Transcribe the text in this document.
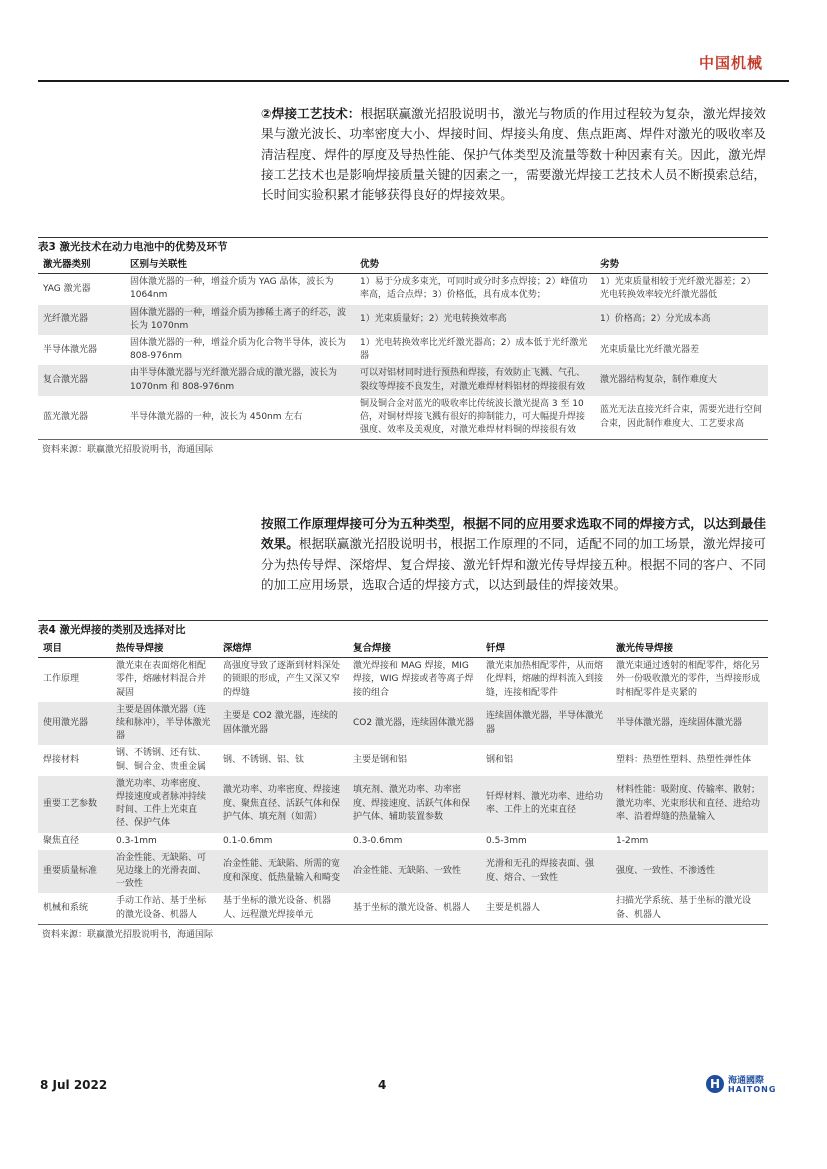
中国机械
②焊接工艺技术：根据联赢激光招股说明书，激光与物质的作用过程较为复杂，激光焊接效果与激光波长、功率密度大小、焊接时间、焊接头角度、焦点距离、焊件对激光的吸收率及清洁程度、焊件的厚度及导热性能、保护气体类型及流量等数十种因素有关。因此，激光焊接工艺技术也是影响焊接质量关键的因素之一，需要激光焊接工艺技术人员不断摸索总结，长时间实验积累才能够获得良好的焊接效果。
表3 激光技术在动力电池中的优势及环节
激光器类别	区别与关联性	优势	劣势
YAG 激光器	固体激光器的一种，增益介质为 YAG 晶体，波长为 1064nm	1）易于分成多束光，可同时或分时多点焊接；2）峰值功率高，适合点焊；3）价格低，具有成本优势；	1）光束质量相较于光纤激光器差；2）光电转换效率较光纤激光器低
光纤激光器	固体激光器的一种，增益介质为掺稀土离子的纤芯，波长为 1070nm	1）光束质量好；2）光电转换效率高	1）价格高；2）分光成本高
半导体激光器	固体激光器的一种，增益介质为化合物半导体，波长为 808-976nm	1）光电转换效率比光纤激光器高；2）成本低于光纤激光器	光束质量比光纤激光器差
复合激光器	由半导体激光器与光纤激光器合成的激光器，波长为 1070nm 和 808-976nm	可以对铝材同时进行预热和焊接，有效防止飞溅、气孔、裂纹等焊接不良发生，对激光难焊材料铝材的焊接很有效	激光器结构复杂，制作难度大
蓝光激光器	半导体激光器的一种，波长为 450nm 左右	铜及铜合金对蓝光的吸收率比传统波长激光提高 3 至 10 倍，对铜材焊接飞溅有很好的抑制能力，可大幅提升焊接强度、效率及美观度，对激光难焊材料铜的焊接很有效	蓝光无法直接光纤合束，需要光进行空间合束，因此制作难度大、工艺要求高
资料来源：联赢激光招股说明书，海通国际
按照工作原理焊接可分为五种类型，根据不同的应用要求选取不同的焊接方式，以达到最佳效果。根据联赢激光招股说明书，根据工作原理的不同，适配不同的加工场景，激光焊接可分为热传导焊、深熔焊、复合焊接、激光钎焊和激光传导焊接五种。根据不同的客户、不同的加工应用场景，选取合适的焊接方式，以达到最佳的焊接效果。
表4 激光焊接的类别及选择对比
项目	热传导焊接	深熔焊	复合焊接	钎焊	激光传导焊接
工作原理	激光束在表面熔化相配零件，熔融材料混合并凝固	高强度导致了逐渐到材料深处的锁眼的形成，产生又深又窄的焊缝	激光焊接和 MAG 焊接，MIG 焊接，WIG 焊接或者等离子焊接的组合	激光束加热相配零件，从而熔化焊料，熔融的焊料流入到接缝，连接相配零件	激光束通过透射的相配零件，熔化另外一份吸收激光的零件，当焊接形成时相配零件是夹紧的
使用激光器	主要是固体激光器（连续和脉冲），半导体激光器	主要是 CO2 激光器，连续的固体激光器	CO2 激光器，连续固体激光器	连续固体激光器，半导体激光器	半导体激光器，连续固体激光器
焊接材料	钢、不锈钢、还有钛、铜、铜合金、贵重金属	钢、不锈钢、铝、钛	主要是钢和铝	钢和铝	塑料：热塑性塑料、热塑性弹性体
重要工艺参数	激光功率、功率密度、焊接速度或者脉冲持续时间、工件上光束直径、保护气体	激光功率、功率密度、焊接速度、聚焦直径、活跃气体和保护气体、填充剂（如需）	填充剂、激光功率、功率密度、焊接速度、活跃气体和保护气体、辅助装置参数	钎焊材料、激光功率、进给功率、工件上的光束直径	材料性能：吸附度、传输率、散射；激光功率、光束形状和直径、进给功率、沿着焊缝的热量输入
聚焦直径	0.3-1mm	0.1-0.6mm	0.3-0.6mm	0.5-3mm	1-2mm
重要质量标准	冶金性能、无缺陷、可见边缘上的光滑表面、一致性	冶金性能、无缺陷、所需的宽度和深度、低热量输入和畸变	冶金性能、无缺陷、一致性	光滑和无孔的焊接表面、强度、熔合、一致性	强度、一致性、不渗透性
机械和系统	手动工作站、基于坐标的激光设备、机器人	基于坐标的激光设备、机器人、远程激光焊接单元	基于坐标的激光设备、机器人	主要是机器人	扫描光学系统、基于坐标的激光设备、机器人
资料来源：联赢激光招股说明书，海通国际
8 Jul 2022	4	H 海通國際
HAITONG
